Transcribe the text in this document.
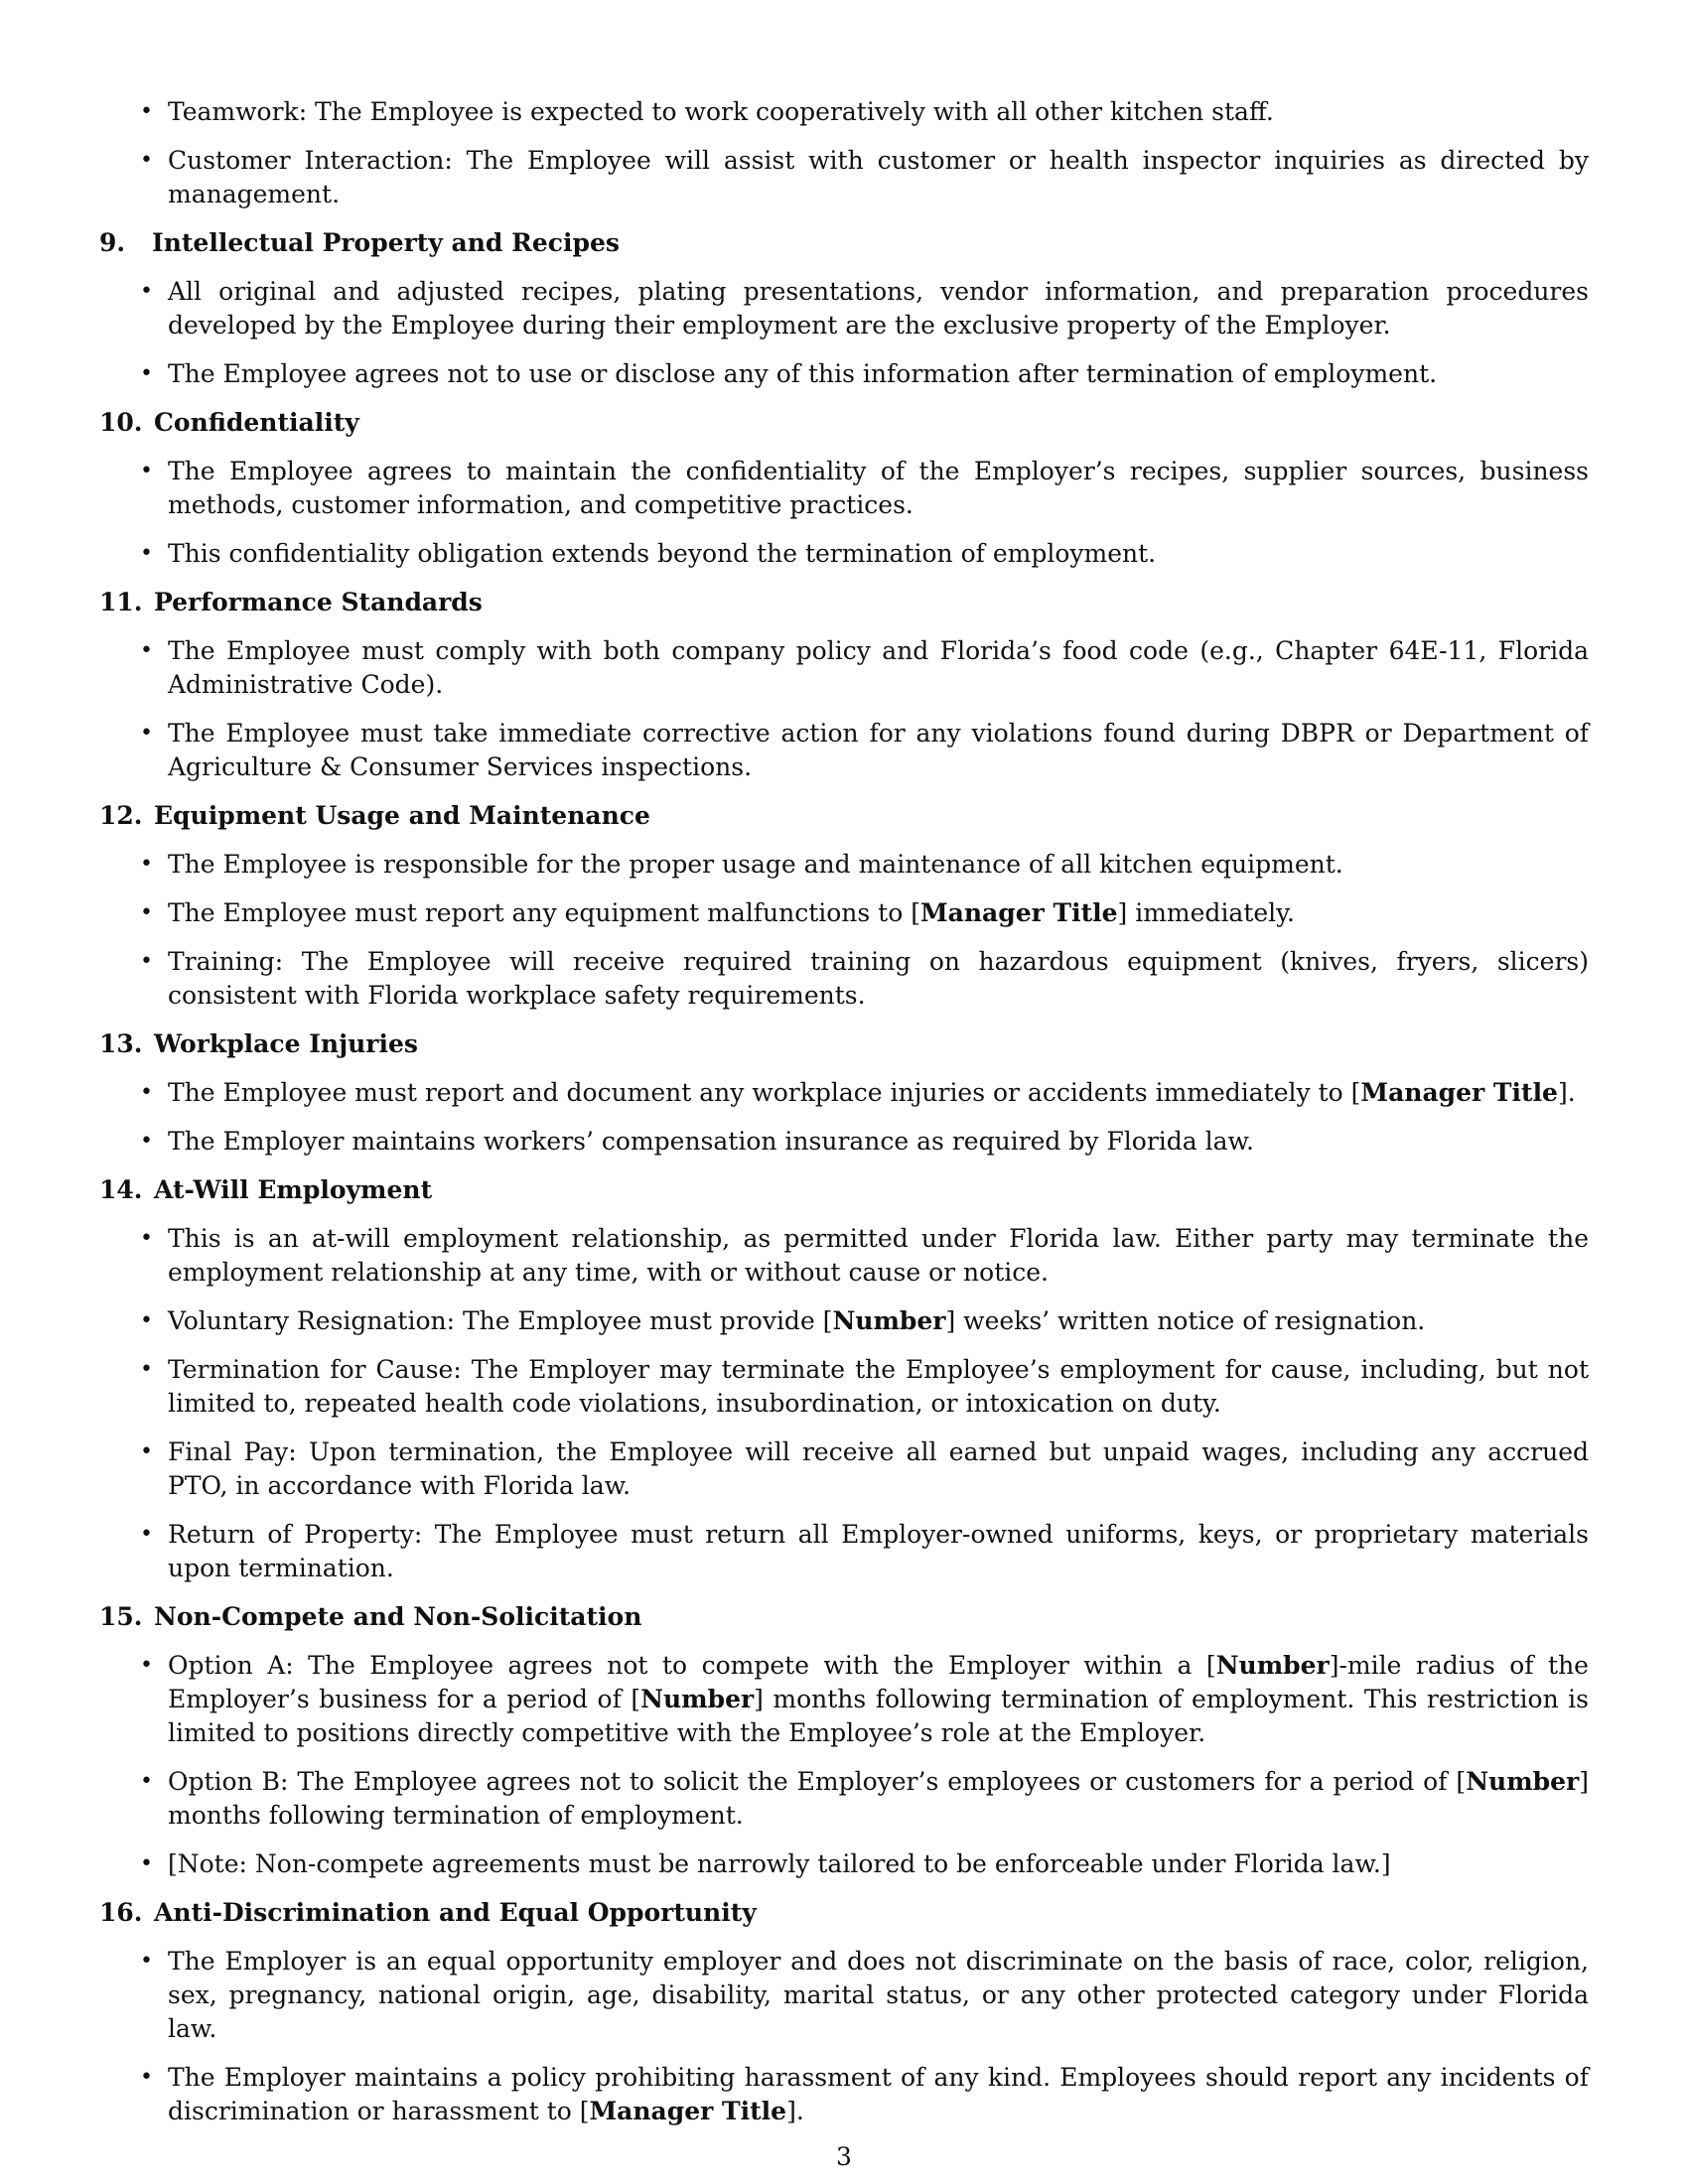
• Teamwork: The Employee is expected to work cooperatively with all other kitchen staff.
• Customer Interaction: The Employee will assist with customer or health inspector inquiries as directed by management.
9. Intellectual Property and Recipes
• All original and adjusted recipes, plating presentations, vendor information, and preparation procedures developed by the Employee during their employment are the exclusive property of the Employer.
• The Employee agrees not to use or disclose any of this information after termination of employment.
10. Confidentiality
• The Employee agrees to maintain the confidentiality of the Employer’s recipes, supplier sources, business methods, customer information, and competitive practices.
• This confidentiality obligation extends beyond the termination of employment.
11. Performance Standards
• The Employee must comply with both company policy and Florida’s food code (e.g., Chapter 64E-11, Florida Administrative Code).
• The Employee must take immediate corrective action for any violations found during DBPR or Department of Agriculture & Consumer Services inspections.
12. Equipment Usage and Maintenance
• The Employee is responsible for the proper usage and maintenance of all kitchen equipment.
• The Employee must report any equipment malfunctions to [Manager Title] immediately.
• Training: The Employee will receive required training on hazardous equipment (knives, fryers, slicers) consistent with Florida workplace safety requirements.
13. Workplace Injuries
• The Employee must report and document any workplace injuries or accidents immediately to [Manager Title].
• The Employer maintains workers’ compensation insurance as required by Florida law.
14. At-Will Employment
• This is an at-will employment relationship, as permitted under Florida law. Either party may terminate the employment relationship at any time, with or without cause or notice.
• Voluntary Resignation: The Employee must provide [Number] weeks’ written notice of resignation.
• Termination for Cause: The Employer may terminate the Employee’s employment for cause, including, but not limited to, repeated health code violations, insubordination, or intoxication on duty.
• Final Pay: Upon termination, the Employee will receive all earned but unpaid wages, including any accrued PTO, in accordance with Florida law.
• Return of Property: The Employee must return all Employer-owned uniforms, keys, or proprietary materials upon termination.
15. Non-Compete and Non-Solicitation
• Option A: The Employee agrees not to compete with the Employer within a [Number]-mile radius of the Employer’s business for a period of [Number] months following termination of employment. This restriction is limited to positions directly competitive with the Employee’s role at the Employer.
• Option B: The Employee agrees not to solicit the Employer’s employees or customers for a period of [Number] months following termination of employment.
• [Note: Non-compete agreements must be narrowly tailored to be enforceable under Florida law.]
16. Anti-Discrimination and Equal Opportunity
• The Employer is an equal opportunity employer and does not discriminate on the basis of race, color, religion, sex, pregnancy, national origin, age, disability, marital status, or any other protected category under Florida law.
• The Employer maintains a policy prohibiting harassment of any kind. Employees should report any incidents of discrimination or harassment to [Manager Title].
3
